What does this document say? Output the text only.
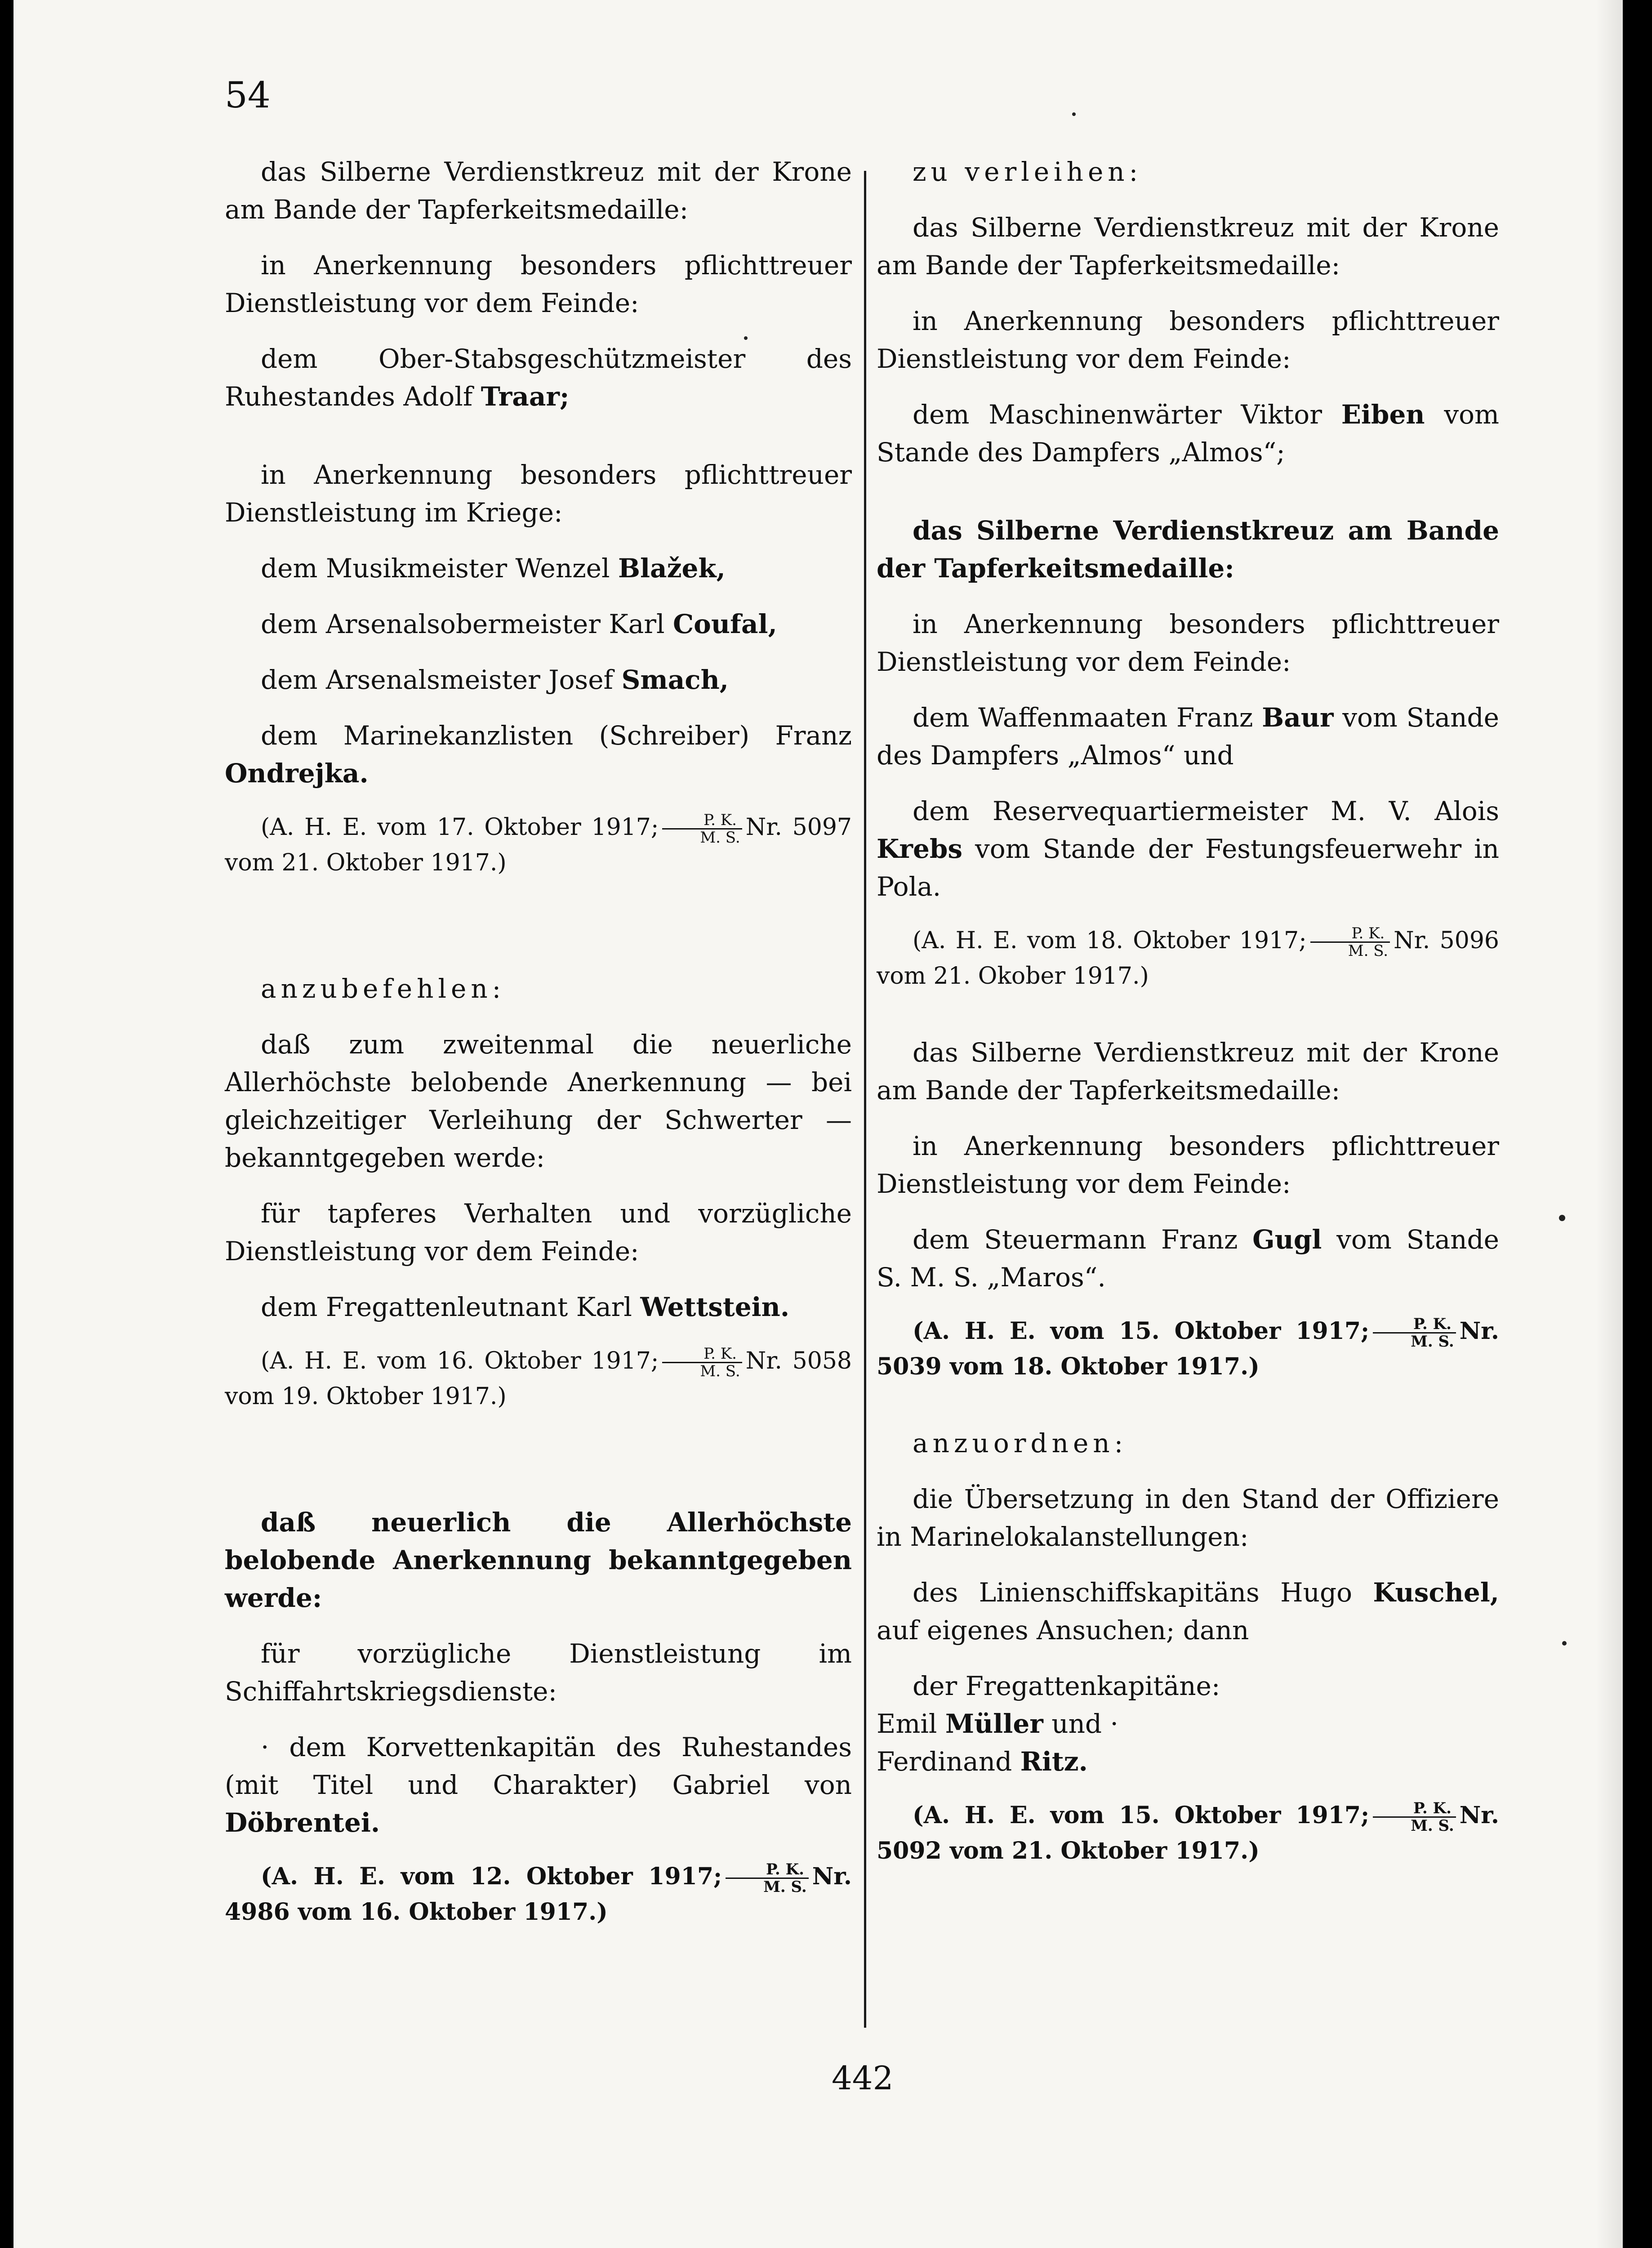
54

das Silberne Verdienstkreuz mit der Krone am Bande der Tapferkeitsmedaille:

in Anerkennung besonders pflichttreuer Dienstleistung vor dem Feinde:

dem Ober-Stabsgeschützmeister des Ruhestandes Adolf Traar;

in Anerkennung besonders pflichttreuer Dienstleistung im Kriege:

dem Musikmeister Wenzel Blažek,

dem Arsenalsobermeister Karl Coufal,

dem Arsenalsmeister Josef Smach,

dem Marinekanzlisten (Schreiber) Franz Ondrejka.

(A. H. E. vom 17. Oktober 1917; $\frac{P. K.}{M. S.} Nr$. 5097 vom 21. Oktober 1917.)

anzubefehlen:

daß zum zweitenmal die neuerliche Allerhöchste belobende Anerkennung — bei gleichzeitiger Verleihung der Schwerter — bekanntgegeben werde:

für tapferes Verhalten und vorzügliche Dienstleistung vor dem Feinde:

dem Fregattenleutnant Karl Wettstein.

(A. H. E. vom 16. Oktober 1917; $\frac{P. K.}{M. S.} Nr$. 5058 vom 19. Oktober 1917.)

daß neuerlich die Allerhöchste belobende Anerkennung bekanntgegeben werde:

für vorzügliche Dienstleistung im Schiffahrtskriegsdienste:

· dem Korvettenkapitän des Ruhestandes (mit Titel und Charakter) Gabriel von Döbrentei.

(A. H. E. vom 12. Oktober 1917; $\frac{P. K.}{M. S.} Nr$. 4986 vom 16. Oktober 1917.)

zu verleihen:

das Silberne Verdienstkreuz mit der Krone am Bande der Tapferkeitsmedaille:

in Anerkennung besonders pflichttreuer Dienstleistung vor dem Feinde:

dem Maschinenwärter Viktor Eiben vom Stande des Dampfers „Almos“;

das Silberne Verdienstkreuz am Bande der Tapferkeitsmedaille:

in Anerkennung besonders pflichttreuer Dienstleistung vor dem Feinde:

dem Waffenmaaten Franz Baur vom Stande des Dampfers „Almos“ und

dem Reservequartiermeister M. V. Alois Krebs vom Stande der Festungsfeuerwehr in Pola.

(A. H. E. vom 18. Oktober 1917; $\frac{P. K.}{M. S.} Nr$. 5096 vom 21. Okober 1917.)

das Silberne Verdienstkreuz mit der Krone am Bande der Tapferkeitsmedaille:

in Anerkennung besonders pflichttreuer Dienstleistung vor dem Feinde:

dem Steuermann Franz Gugl vom Stande S. M. S. „Maros“.

(A. H. E. vom 15. Oktober 1917; $\frac{P. K.}{M. S.} Nr$. 5039 vom 18. Oktober 1917.)

anzuordnen:

die Übersetzung in den Stand der Offiziere in Marinelokalanstellungen:

des Linienschiffskapitäns Hugo Kuschel, auf eigenes Ansuchen; dann

der Fregattenkapitäne:

Emil Müller und ·

Ferdinand Ritz.

(A. H. E. vom 15. Oktober 1917; $\frac{P. K.}{M. S.} Nr$. 5092 vom 21. Oktober 1917.)

442
